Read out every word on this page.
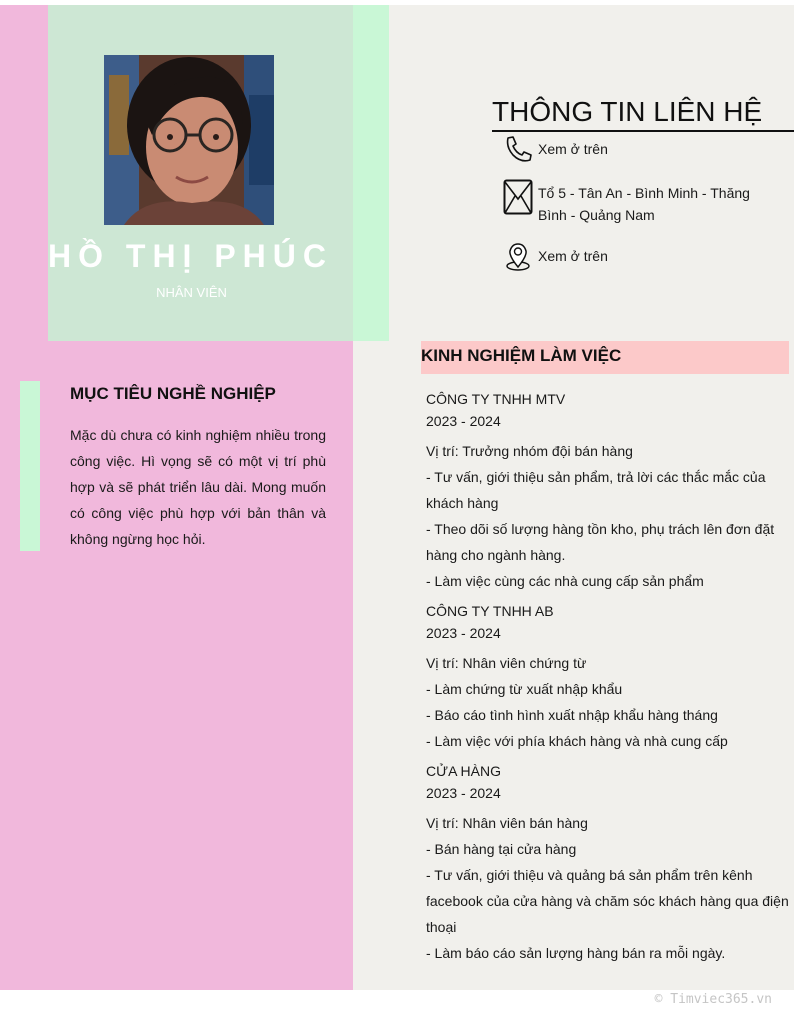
HỒ THỊ PHÚC
NHÂN VIÊN
THÔNG TIN LIÊN HỆ
Xem ở trên
Tổ 5 - Tân An - Bình Minh - Thăng Bình - Quảng Nam
Xem ở trên
MỤC TIÊU NGHỀ NGHIỆP
Mặc dù chưa có kinh nghiệm nhiều trong công việc. Hì vọng sẽ có một vị trí phù hợp và sẽ phát triển lâu dài. Mong muốn có công việc phù hợp với bản thân và không ngừng học hỏi.
KINH NGHIỆM LÀM VIỆC

CÔNG TY TNHH MTV

2023 - 2024

Vị trí: Trưởng nhóm đội bán hàng

- Tư vấn, giới thiệu sản phẩm, trả lời các thắc mắc của khách hàng

- Theo dõi số lượng hàng tồn kho, phụ trách lên đơn đặt hàng cho ngành hàng.

- Làm việc cùng các nhà cung cấp sản phẩm

CÔNG TY TNHH AB

2023 - 2024

Vị trí: Nhân viên chứng từ

- Làm chứng từ xuất nhập khẩu

- Báo cáo tình hình xuất nhập khẩu hàng tháng

- Làm việc với phía khách hàng và nhà cung cấp

CỬA HÀNG

2023 - 2024

Vị trí: Nhân viên bán hàng

- Bán hàng tại cửa hàng

- Tư vấn, giới thiệu và quảng bá sản phẩm trên kênh facebook của cửa hàng và chăm sóc khách hàng qua điện thoại

- Làm báo cáo sản lượng hàng bán ra mỗi ngày.

© Timviec365.vn
